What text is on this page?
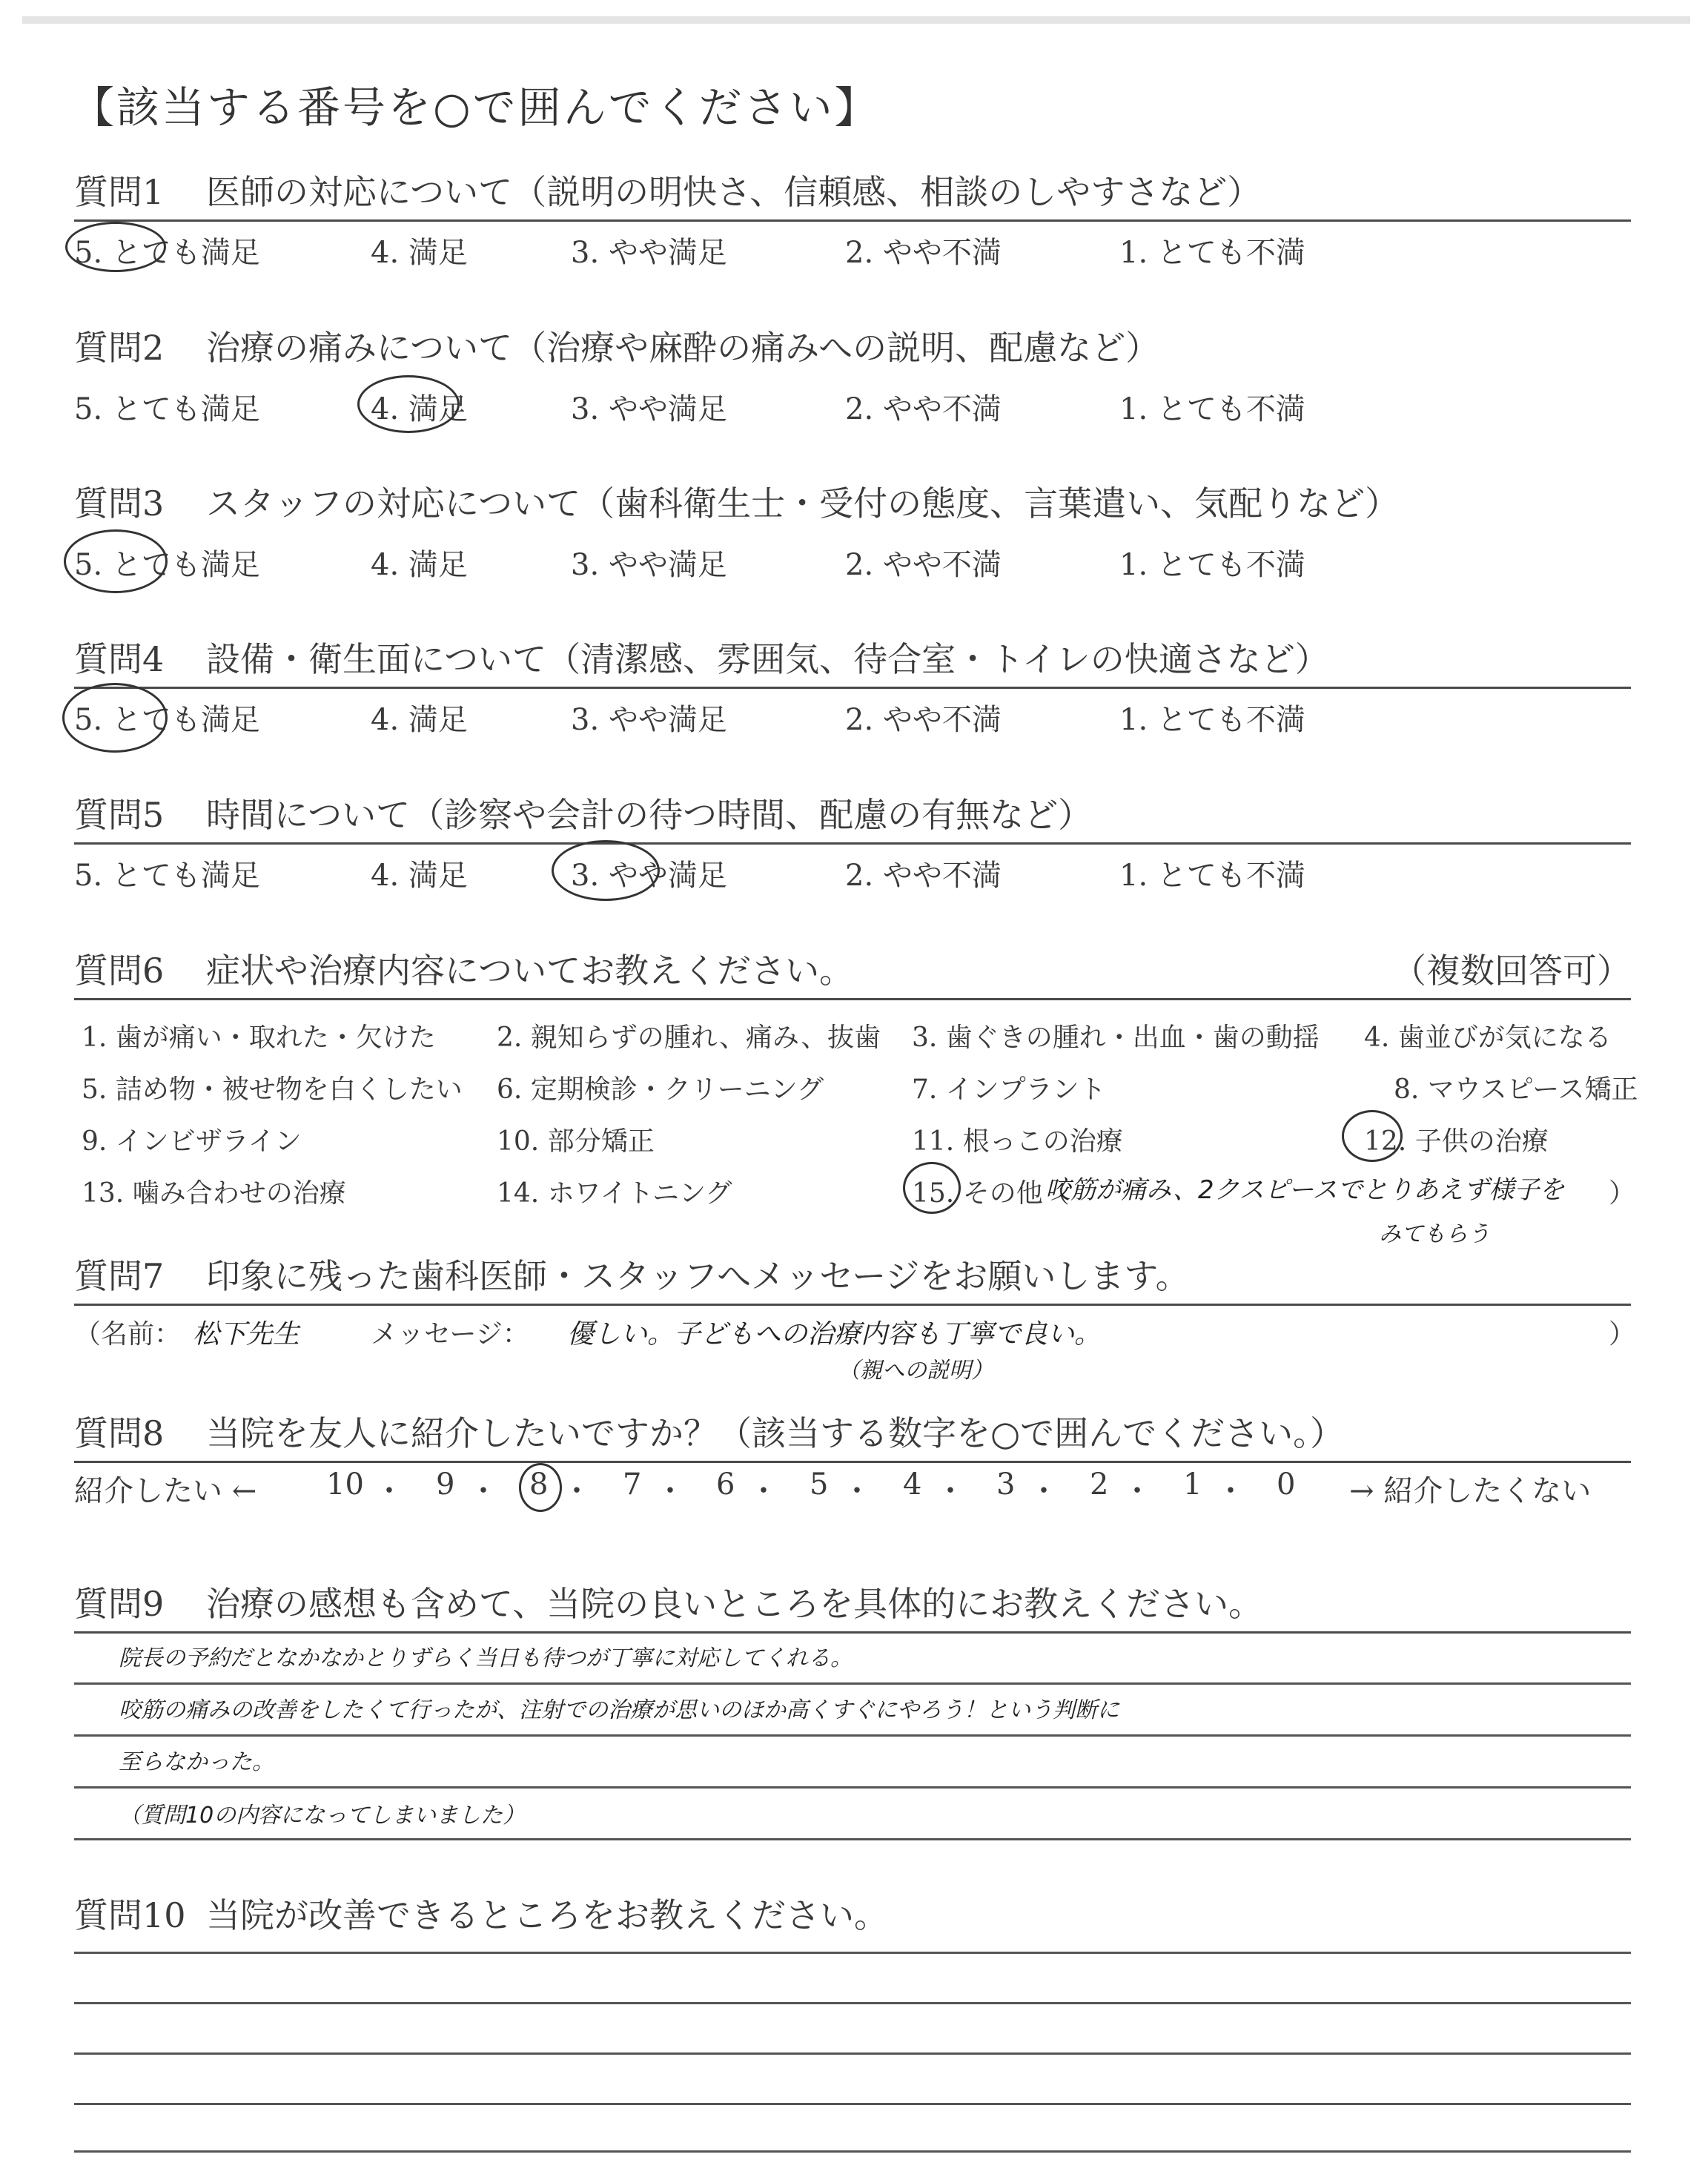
【該当する番号を○で囲んでください】
質問1 医師の対応について（説明の明快さ、信頼感、相談のしやすさなど）
5. とても満足	4. 満足	3. やや満足	2. やや不満	1. とても不満
質問2 治療の痛みについて（治療や麻酔の痛みへの説明、配慮など）
5. とても満足	4. 満足	3. やや満足	2. やや不満	1. とても不満
質問3 スタッフの対応について（歯科衛生士・受付の態度、言葉遣い、気配りなど）
5. とても満足	4. 満足	3. やや満足	2. やや不満	1. とても不満
質問4 設備・衛生面について（清潔感、雰囲気、待合室・トイレの快適さなど）
5. とても満足	4. 満足	3. やや満足	2. やや不満	1. とても不満
質問5 時間について（診察や会計の待つ時間、配慮の有無など）
5. とても満足	4. 満足	3. やや満足	2. やや不満	1. とても不満
質問6 症状や治療内容についてお教えください。	（複数回答可）
1. 歯が痛い・取れた・欠けた 2. 親知らずの腫れ、痛み、抜歯 3. 歯ぐきの腫れ・出血・歯の動揺 4. 歯並びが気になる
5. 詰め物・被せ物を白くしたい 6. 定期検診・クリーニング	7. インプラント	8. マウスピース矯正
9. インビザライン	10. 部分矯正	11. 根っこの治療	12. 子供の治療
13. 噛み合わせの治療	14. ホワイトニング	15. その他（
咬筋が痛み、2クスピースでとりあえず様子を ）
みてもらう
質問7 印象に残った歯科医師・スタッフへメッセージをお願いします。
（名前： 松下先生	メッセージ： 優しい。子どもへの治療内容も丁寧で良い。
（親への説明）
）
質問8 当院を友人に紹介したいですか？（該当する数字を○で囲んでください。）
紹介したい ← 10 ・ 9 ・ 8 ・ 7 ・ 6 ・ 5 ・ 4 ・ 3 ・ 2 ・ 1 ・ 0 → 紹介したくない
質問9 治療の感想も含めて、当院の良いところを具体的にお教えください。
院長の予約だとなかなかとりずらく当日も待つが丁寧に対応してくれる。
咬筋の痛みの改善をしたくて行ったが、注射での治療が思いのほか高くすぐにやろう！という判断に
至らなかった。
（質問10の内容になってしまいました）
質問10 当院が改善できるところをお教えください。
